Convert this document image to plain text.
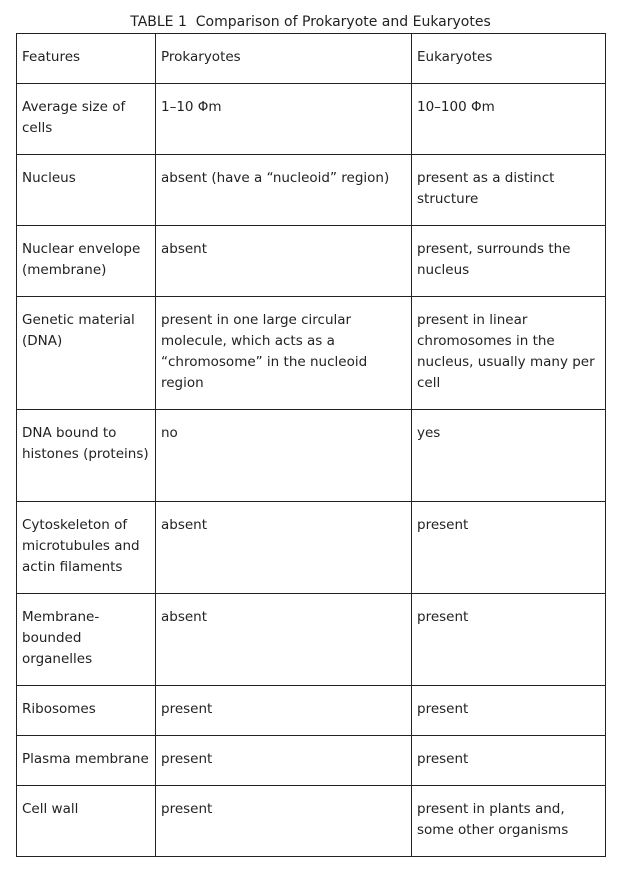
TABLE 1  Comparison of Prokaryote and Eukaryotes
Features	Prokaryotes	Eukaryotes
Average size of cells	1–10 Φm	10–100 Φm
Nucleus	absent (have a “nucleoid” region)	present as a distinct structure
Nuclear envelope (membrane)	absent	present, surrounds the nucleus
Genetic material (DNA)	present in one large circular molecule, which acts as a “chromosome” in the nucleoid region	present in linear chromosomes in the nucleus, usually many per cell
DNA bound to histones (proteins)	no	yes
Cytoskeleton of microtubules and actin filaments	absent	present
Membrane-bounded organelles	absent	present
Ribosomes	present	present
Plasma membrane	present	present
Cell wall	present	present in plants and, some other organisms
